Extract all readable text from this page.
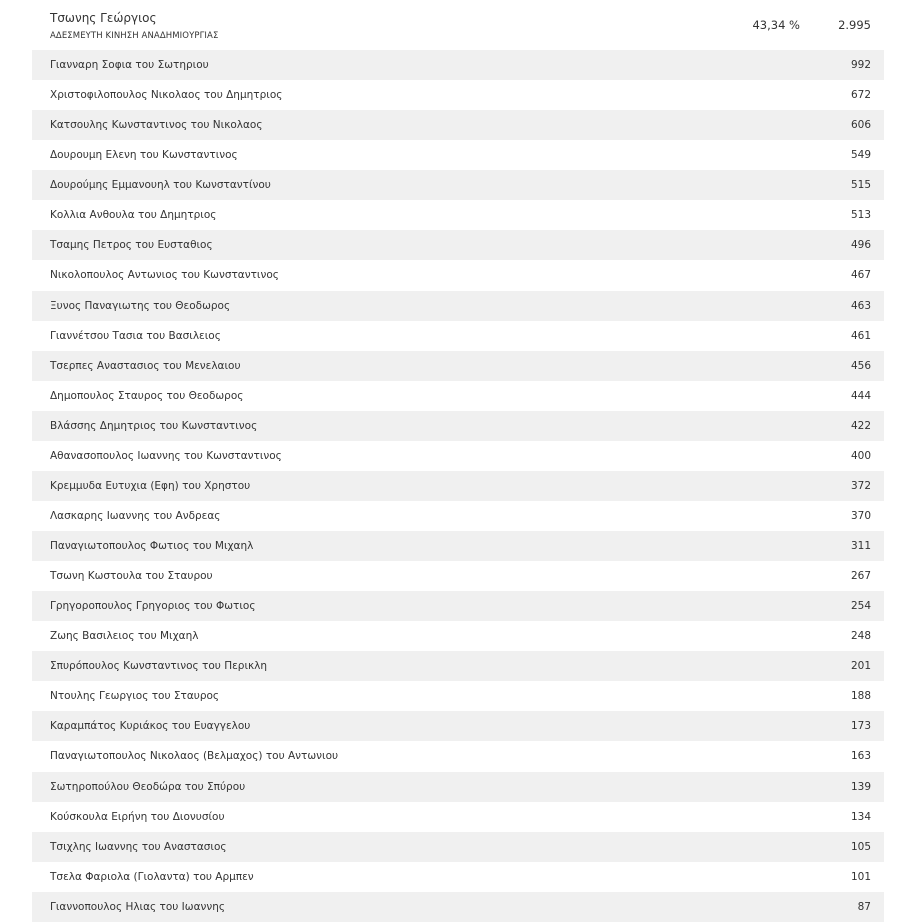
Τσωνης Γεώργιος
ΑΔΕΣΜΕΥΤΗ ΚΙΝΗΣΗ ΑΝΑΔΗΜΙΟΥΡΓΙΑΣ
43,34 %	2.995
Γιανναρη Σοφια του Σωτηριου	992
Χριστοφιλοπουλος Νικολαος του Δημητριος	672
Κατσουλης Κωνσταντινος του Νικολαος	606
Δουρουμη Ελενη του Κωνσταντινος	549
Δουρούμης Εμμανουηλ του Κωνσταντίνου	515
Κολλια Ανθουλα του Δημητριος	513
Τσαμης Πετρος του Ευσταθιος	496
Νικολοπουλος Αντωνιος του Κωνσταντινος	467
Ξυνος Παναγιωτης του Θεοδωρος	463
Γιαννέτσου Τασια του Βασιλειος	461
Τσερπες Αναστασιος του Μενελαιου	456
Δημοπουλος Σταυρος του Θεοδωρος	444
Βλάσσης Δημητριος του Κωνσταντινος	422
Αθανασοπουλος Ιωαννης του Κωνσταντινος	400
Κρεμμυδα Ευτυχια (Εφη) του Χρηστου	372
Λασκαρης Ιωαννης του Ανδρεας	370
Παναγιωτοπουλος Φωτιος του Μιχαηλ	311
Τσωνη Κωστουλα του Σταυρου	267
Γρηγοροπουλος Γρηγοριος του Φωτιος	254
Ζωης Βασιλειος του Μιχαηλ	248
Σπυρόπουλος Κωνσταντινος του Περικλη	201
Ντουλης Γεωργιος του Σταυρος	188
Καραμπάτος Κυριάκος του Ευαγγελου	173
Παναγιωτοπουλος Νικολαος (Βελμαχος) του Αντωνιου	163
Σωτηροπούλου Θεοδώρα του Σπύρου	139
Κούσκουλα Ειρήνη του Διονυσίου	134
Τσιχλης Ιωαννης του Αναστασιος	105
Τσελα Φαριολα (Γιολαντα) του Αρμπεν	101
Γιαννοπουλος Ηλιας του Ιωαννης	87
